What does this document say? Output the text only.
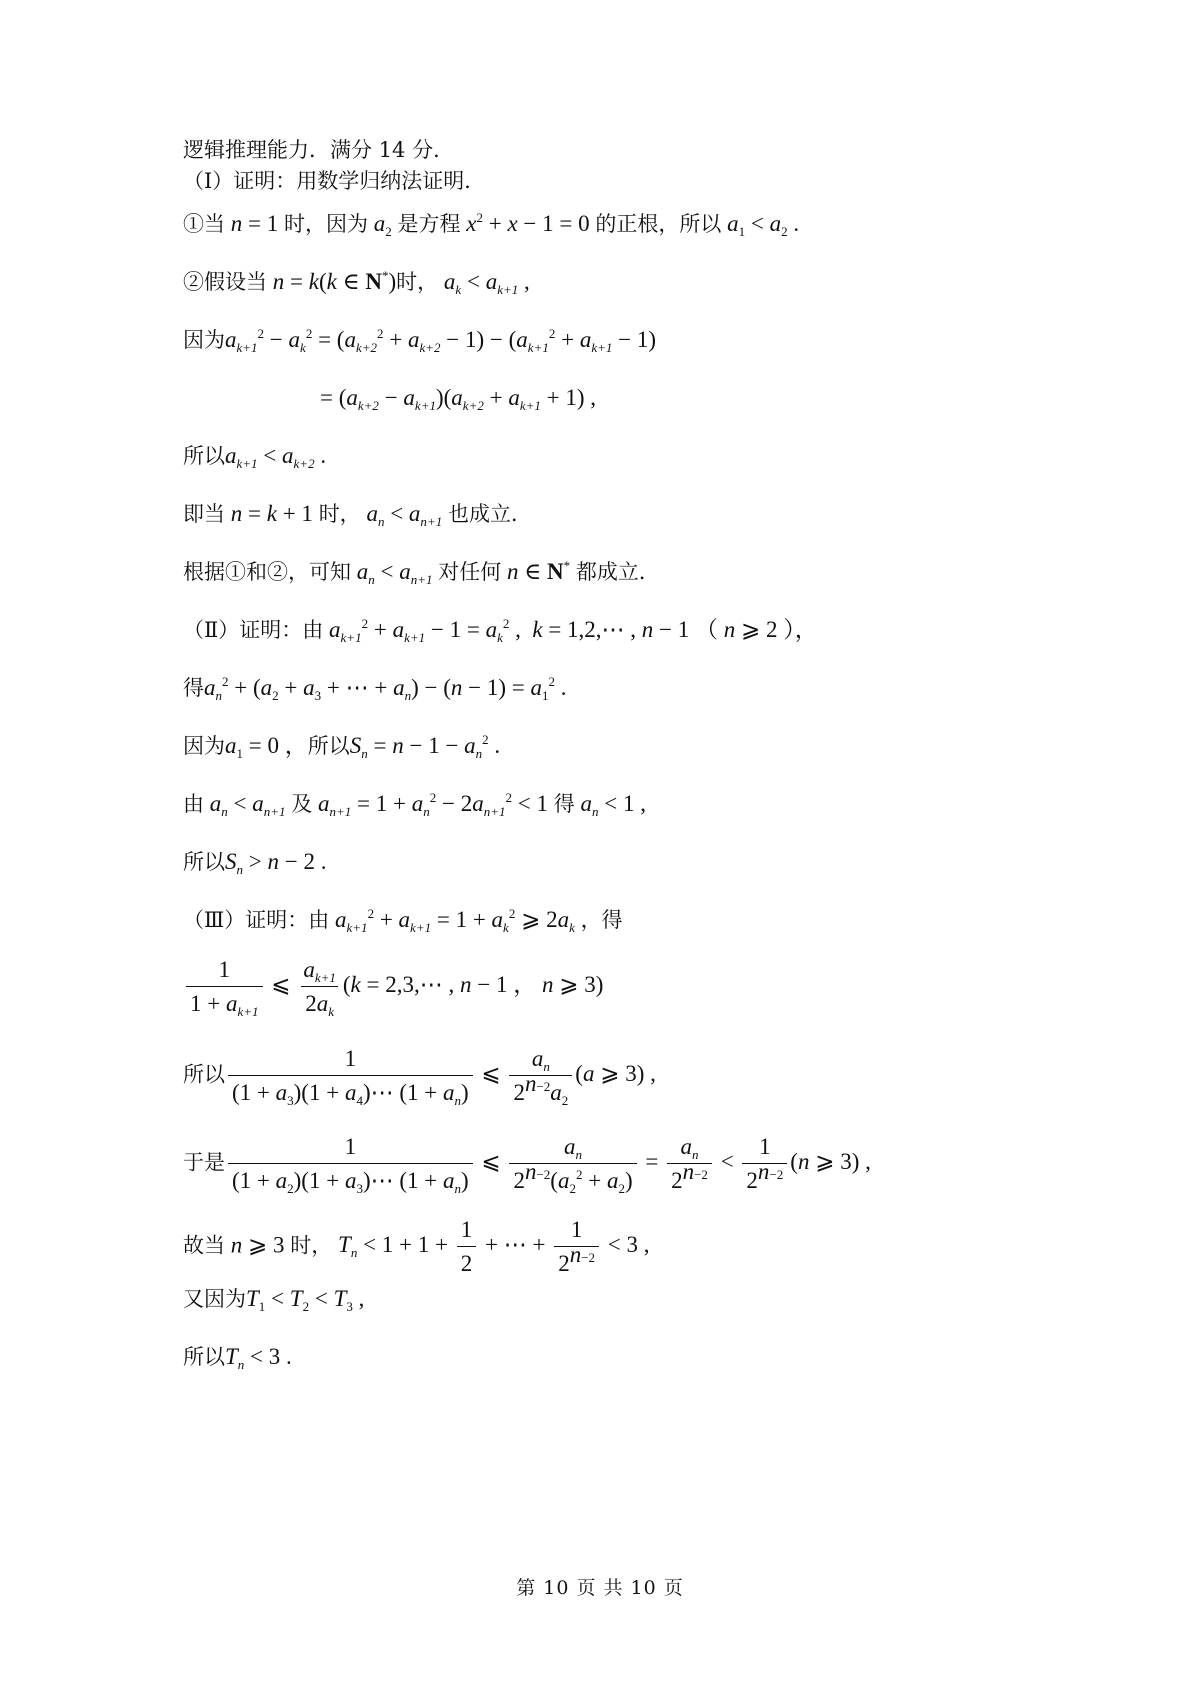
逻辑推理能力．满分 14 分．
（Ⅰ）证明：用数学归纳法证明．
①当 n = 1 时，因为 $a_2$ 是方程 $x^2 + x - 1 = 0$ 的正根，所以 $a_1 < a_2$ .
②假设当 n = k(k ∈ N*)时， $a_k < a_{k+1}$ ,
因为$a_{k+1}^2 - a_k^2 = (a_{k+2}^2 + a_{k+2} - 1) - (a_{k+1}^2 + a_{k+1} - 1)$
= $(a_{k+2} - a_{k+1})(a_{k+2} + a_{k+1} + 1)$ ,
所以$a_{k+1} < a_{k+2}$ .
即当 n = k + 1 时， $a_n < a_{n+1}$ 也成立．
根据①和②，可知 $a_n < a_{n+1}$ 对任何 n ∈ N* 都成立．
（Ⅱ）证明：由 $a_{k+1}^2 + a_{k+1} - 1 = a_k^2$ ,  k = 1,2,⋯ , n − 1 （ n ⩾ 2 ），
得$a_n^2 + (a_2 + a_3$ + ⋯ + $a_n) - (n - 1) = a_1^2$ .
因为$a_1 = 0$ ，所以$S_n = n - 1 - a_n^2$ .
由 $a_n < a_{n+1}$ 及 $a_{n+1} = 1 + a_n^2 - 2a_{n+1}^2 < 1$ 得 $a_n < 1$ ,
所以$S_n > n - 2$ .
（Ⅲ）证明：由 $a_{k+1}^2 + a_{k+1} = 1 + a_k^2$ ⩾ $2a_k$ ，得
$\frac{1}{1 + a_{k+1}}$ ⩽ $\frac{a_{k+1}}{2a_k} (k$ = 2,3,⋯ , n − 1 ， n ⩾ 3)
所以 $\frac{1}{(1 + a_3)(1 + a_4)\cdots (1 + a_n)}$ ⩽ $\frac{a_n}{2^{n-2}a_2} (a$ ⩾ 3) ,
于是 $\frac{1}{(1 + a_2)(1 + a_3)\cdots (1 + a_n)}$ ⩽ $\frac{a_n}{2^{n-2}(a_2^2 + a_2)} = \frac{a_n}{2^{n-2}} < \frac{1}{2^{n-2}} (n$ ⩾ 3) ,
故当 n ⩾ 3 时， $T_n < 1 + 1 + \frac{1}{2}$ + ⋯ + $\frac{1}{2^{n-2}} < 3$ ,
又因为$T_1 < T_2 < T_3$ ,
所以$T_n < 3$ .
第 10 页 共 10 页
